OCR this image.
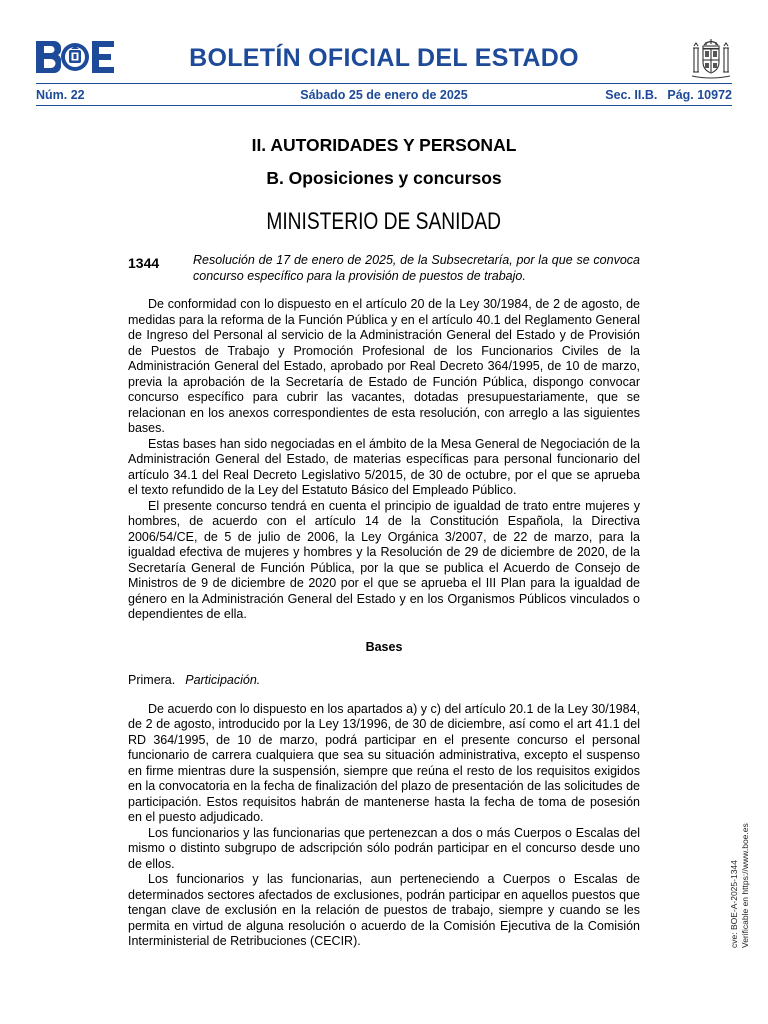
BOLETÍN OFICIAL DEL ESTADO
Núm. 22	Sábado 25 de enero de 2025	Sec. II.B. Pág. 10972
II. AUTORIDADES Y PERSONAL
B. Oposiciones y concursos
MINISTERIO DE SANIDAD
1344	Resolución de 17 de enero de 2025, de la Subsecretaría, por la que se convoca concurso específico para la provisión de puestos de trabajo.

De conformidad con lo dispuesto en el artículo 20 de la Ley 30/1984, de 2 de agosto, de medidas para la reforma de la Función Pública y en el artículo 40.1 del Reglamento General de Ingreso del Personal al servicio de la Administración General del Estado y de Provisión de Puestos de Trabajo y Promoción Profesional de los Funcionarios Civiles de la Administración General del Estado, aprobado por Real Decreto 364/1995, de 10 de marzo, previa la aprobación de la Secretaría de Estado de Función Pública, dispongo convocar concurso específico para cubrir las vacantes, dotadas presupuestariamente, que se relacionan en los anexos correspondientes de esta resolución, con arreglo a las siguientes bases.

Estas bases han sido negociadas en el ámbito de la Mesa General de Negociación de la Administración General del Estado, de materias específicas para personal funcionario del artículo 34.1 del Real Decreto Legislativo 5/2015, de 30 de octubre, por el que se aprueba el texto refundido de la Ley del Estatuto Básico del Empleado Público.

El presente concurso tendrá en cuenta el principio de igualdad de trato entre mujeres y hombres, de acuerdo con el artículo 14 de la Constitución Española, la Directiva 2006/54/CE, de 5 de julio de 2006, la Ley Orgánica 3/2007, de 22 de marzo, para la igualdad efectiva de mujeres y hombres y la Resolución de 29 de diciembre de 2020, de la Secretaría General de Función Pública, por la que se publica el Acuerdo de Consejo de Ministros de 9 de diciembre de 2020 por el que se aprueba el III Plan para la igualdad de género en la Administración General del Estado y en los Organismos Públicos vinculados o dependientes de ella.

Bases

Primera. Participación.

De acuerdo con lo dispuesto en los apartados a) y c) del artículo 20.1 de la Ley 30/1984, de 2 de agosto, introducido por la Ley 13/1996, de 30 de diciembre, así como el art 41.1 del RD 364/1995, de 10 de marzo, podrá participar en el presente concurso el personal funcionario de carrera cualquiera que sea su situación administrativa, excepto el suspenso en firme mientras dure la suspensión, siempre que reúna el resto de los requisitos exigidos en la convocatoria en la fecha de finalización del plazo de presentación de las solicitudes de participación. Estos requisitos habrán de mantenerse hasta la fecha de toma de posesión en el puesto adjudicado.

Los funcionarios y las funcionarias que pertenezcan a dos o más Cuerpos o Escalas del mismo o distinto subgrupo de adscripción sólo podrán participar en el concurso desde uno de ellos.

Los funcionarios y las funcionarias, aun perteneciendo a Cuerpos o Escalas de determinados sectores afectados de exclusiones, podrán participar en aquellos puestos que tengan clave de exclusión en la relación de puestos de trabajo, siempre y cuando se les permita en virtud de alguna resolución o acuerdo de la Comisión Ejecutiva de la Comisión Interministerial de Retribuciones (CECIR).	cve: BOE-A-2025-1344 Verificable en https://www.boe.es
